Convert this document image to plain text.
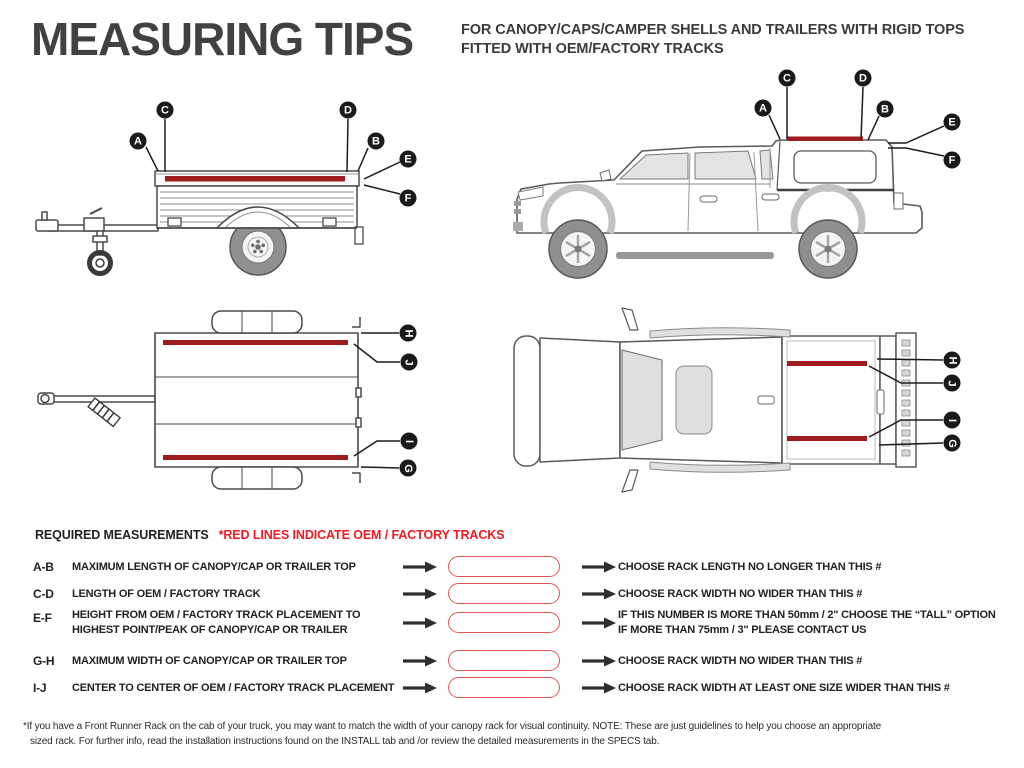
MEASURING TIPS	FOR CANOPY/CAPS/CAMPER SHELLS AND TRAILERS WITH RIGID TOPS
FITTED WITH OEM/FACTORY TRACKS
A
C	D
B
E
F
A
C	D
B
E
F
H
J
I
G
H
J
I
G
REQUIRED MEASUREMENTS *RED LINES INDICATE OEM / FACTORY TRACKS
A-B MAXIMUM LENGTH OF CANOPY/CAP OR TRAILER TOP	CHOOSE RACK LENGTH NO LONGER THAN THIS #
C-D LENGTH OF OEM / FACTORY TRACK	CHOOSE RACK WIDTH NO WIDER THAN THIS #
E-F HEIGHT FROM OEM / FACTORY TRACK PLACEMENT TO
HIGHEST POINT/PEAK OF CANOPY/CAP OR TRAILER
IF THIS NUMBER IS MORE THAN 50mm / 2" CHOOSE THE “TALL” OPTION
IF MORE THAN 75mm / 3" PLEASE CONTACT US
G-H MAXIMUM WIDTH OF CANOPY/CAP OR TRAILER TOP	CHOOSE RACK WIDTH NO WIDER THAN THIS #
I-J CENTER TO CENTER OF OEM / FACTORY TRACK PLACEMENT	CHOOSE RACK WIDTH AT LEAST ONE SIZE WIDER THAN THIS #
*If you have a Front Runner Rack on the cab of your truck, you may want to match the width of your canopy rack for visual continuity. NOTE: These are just guidelines to help you choose an appropriate
sized rack. For further info, read the installation instructions found on the INSTALL tab and /or review the detailed measurements in the SPECS tab.
